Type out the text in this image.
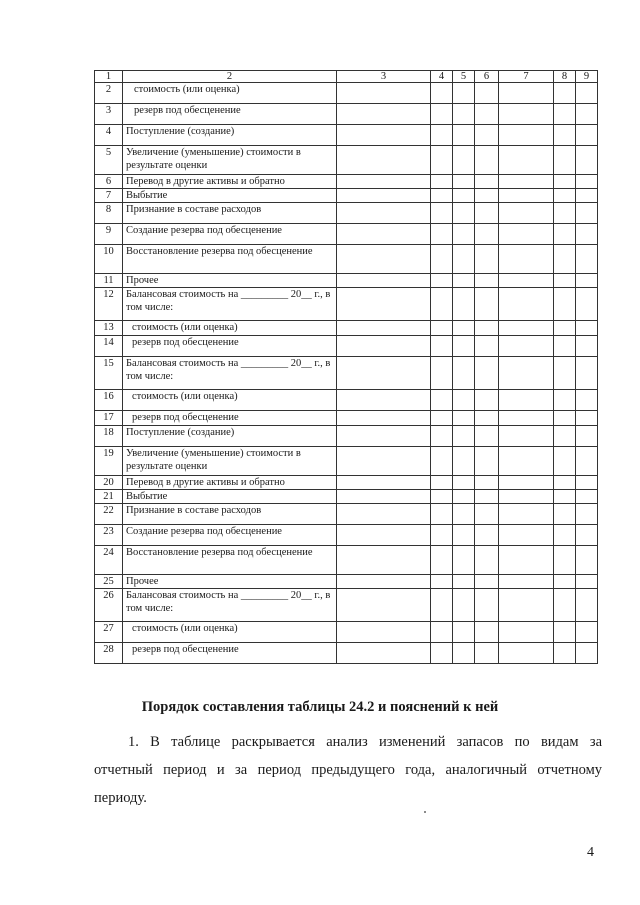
1	2	3	4	5	6	7	8	9
2	стоимость (или оценка)							
3	резерв под обесценение							
4	Поступление (создание)							
5	Увеличение (уменьшение) стоимости в результате оценки							
6	Перевод в другие активы и обратно							
7	Выбытие							
8	Признание в составе расходов							
9	Создание резерва под обесценение							
10	Восстановление резерва под обесценение							
11	Прочее							
12	Балансовая стоимость на _________ 20__ г., в том числе:							
13	стоимость (или оценка)							
14	резерв под обесценение							
15	Балансовая стоимость на _________ 20__ г., в том числе:							
16	стоимость (или оценка)							
17	резерв под обесценение							
18	Поступление (создание)							
19	Увеличение (уменьшение) стоимости в результате оценки							
20	Перевод в другие активы и обратно							
21	Выбытие							
22	Признание в составе расходов							
23	Создание резерва под обесценение							
24	Восстановление резерва под обесценение							
25	Прочее							
26	Балансовая стоимость на _________ 20__ г., в том числе:							
27	стоимость (или оценка)							
28	резерв под обесценение							
Порядок составления таблицы 24.2 и пояснений к ней
1. В таблице раскрывается анализ изменений запасов по видам за
отчетный период и за период предыдущего года, аналогичный отчетному
периоду.
4
